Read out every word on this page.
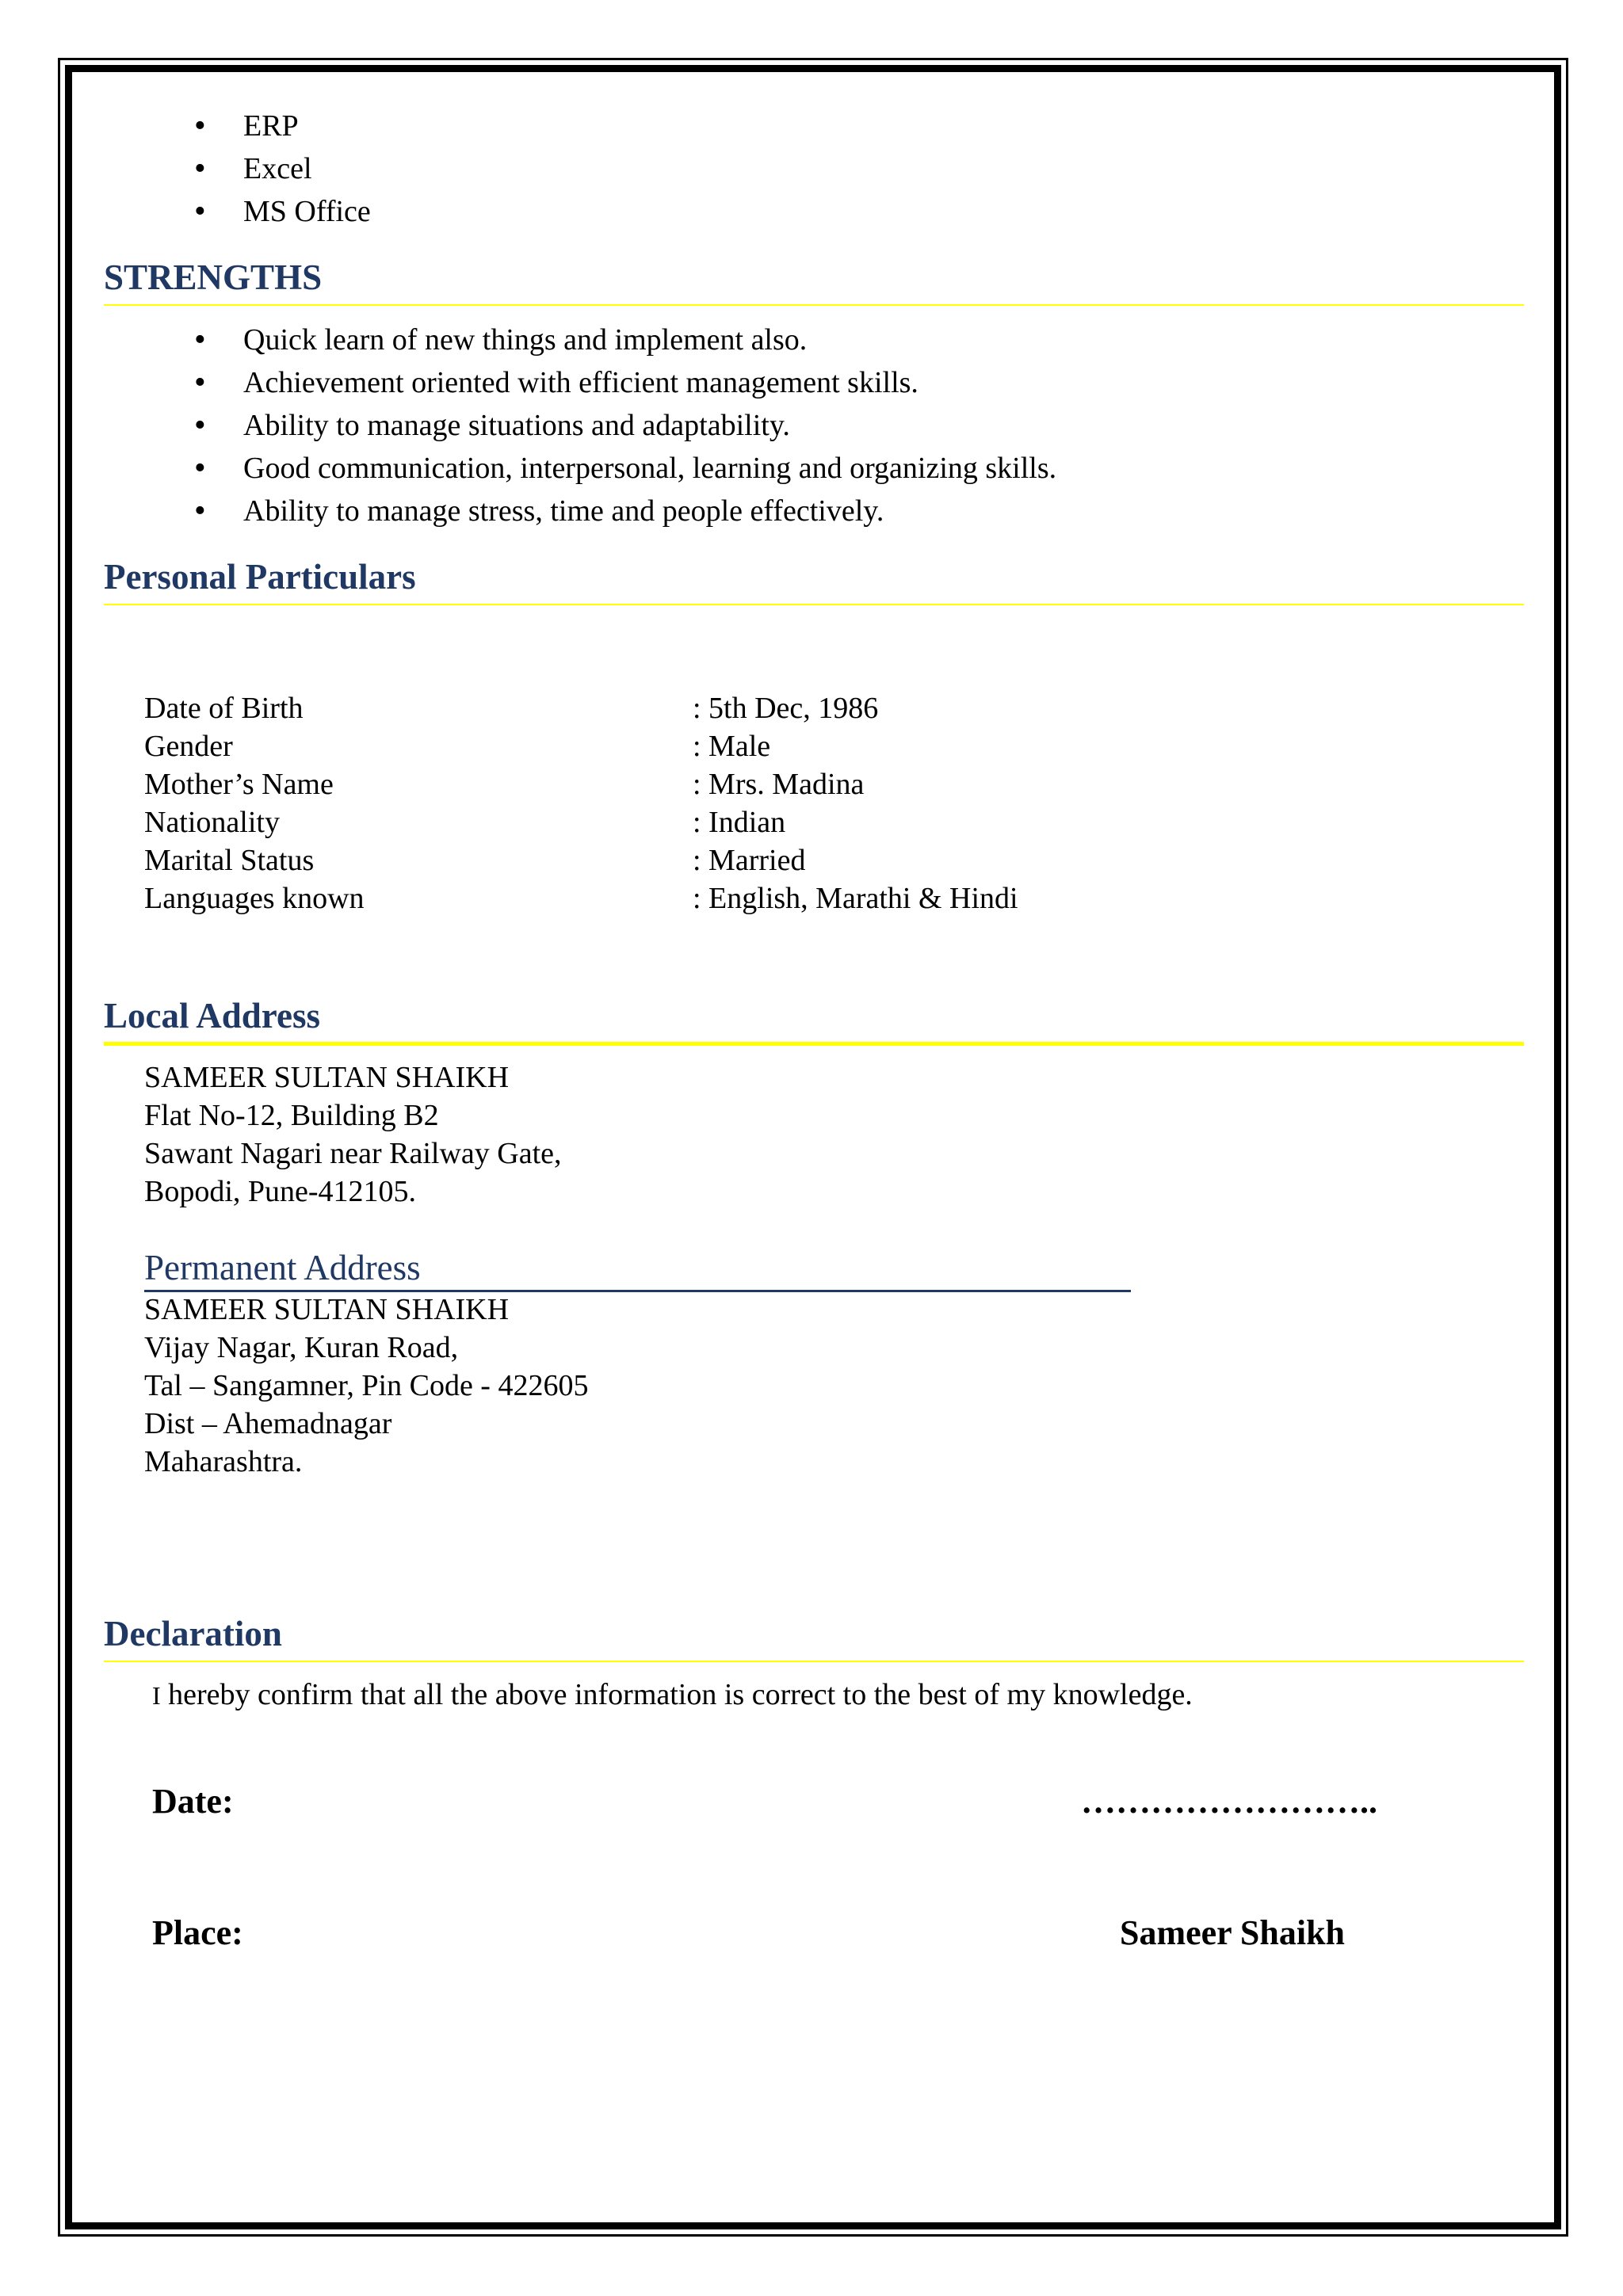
• ERP
• Excel
• MS Office
STRENGTHS
• Quick learn of new things and implement also.
• Achievement oriented with efficient management skills.
• Ability to manage situations and adaptability.
• Good communication, interpersonal, learning and organizing skills.
• Ability to manage stress, time and people effectively.
Personal Particulars
Date of Birth	: 5th Dec, 1986
Gender	: Male
Mother’s Name	: Mrs. Madina
Nationality	: Indian
Marital Status	: Married
Languages known	: English, Marathi & Hindi
Local Address
SAMEER SULTAN SHAIKH
Flat No-12, Building B2
Sawant Nagari near Railway Gate,
Bopodi, Pune-412105.
Permanent Address
SAMEER SULTAN SHAIKH
Vijay Nagar, Kuran Road,
Tal – Sangamner, Pin Code - 422605
Dist – Ahemadnagar
Maharashtra.
Declaration
I hereby confirm that all the above information is correct to the best of my knowledge.
Date:	……………………..
Place:	Sameer Shaikh
